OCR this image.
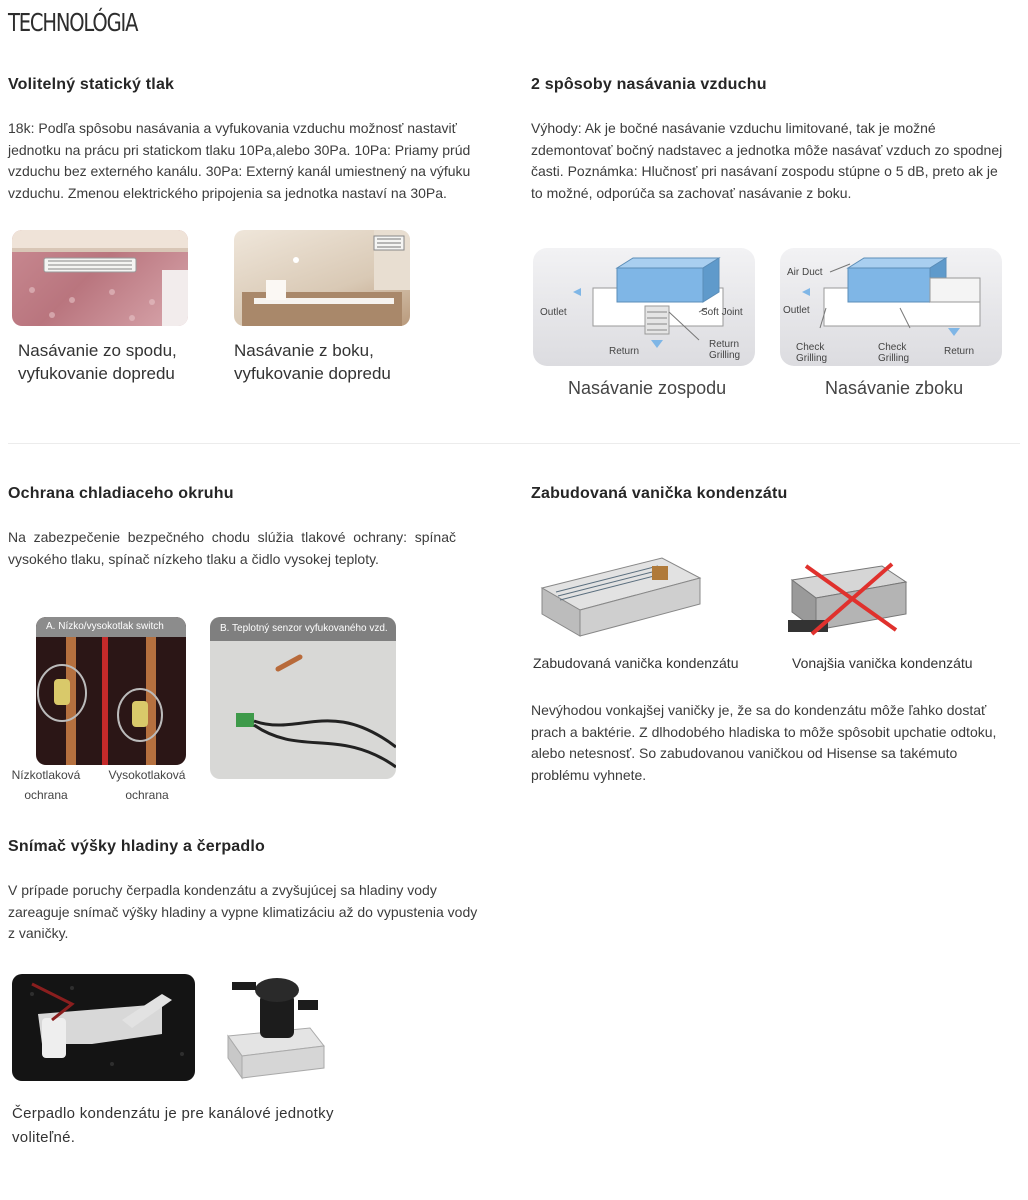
TECHNOLÓGIA
Volitelný statický tlak

18k: Podľa spôsobu nasávania a vyfukovania vzduchu možnosť nastaviť jednotku na prácu pri statickom tlaku 10Pa,alebo 30Pa. 10Pa: Priamy prúd vzduchu bez externého kanálu. 30Pa: Externý kanál umiestnený na výfuku vzduchu. Zmenou elektrického pripojenia sa jednotka nastaví na 30Pa.

Nasávanie zo spodu, vyfukovanie dopredu
Nasávanie z boku, vyfukovanie dopredu
2 spôsoby nasávania vzduchu

Výhody: Ak je bočné nasávanie vzduchu limitované, tak je možné zdemontovať bočný nadstavec a jednotka môže nasávať vzduch zo spodnej časti. Poznámka: Hlučnosť pri nasávaní zospodu stúpne o 5 dB, preto ak je to možné, odporúča sa zachovať nasávanie z boku.

Outlet	Soft Joint
Return
Return Grilling
Nasávanie zospodu
Air Duct
Outlet
Check Grilling
Check Grilling
Return
Nasávanie zboku
Ochrana chladiaceho okruhu

Na zabezpečenie bezpečného chodu slúžia tlakové ochrany: spínač vysokého tlaku, spínač nízkeho tlaku a čidlo vysokej teploty.

A. Nízko/vysokotlak switch	B. Teplotný senzor vyfukovaného vzd.
Nízkotlaková ochrana
Vysokotlaková ochrana
Zabudovaná vanička kondenzátu
Zabudovaná vanička kondenzátu	Vonajšia vanička kondenzátu

Nevýhodou vonkajšej vaničky je, že sa do kondenzátu môže ľahko dostať prach a baktérie. Z dlhodobého hladiska to môže spôsobit upchatie odtoku, alebo netesnosť. So zabudovanou vaničkou od Hisense sa takémuto problému vyhnete.

Snímač výšky hladiny a čerpadlo

V prípade poruchy čerpadla kondenzátu a zvyšujúcej sa hladiny vody zareaguje snímač výšky hladiny a vypne klimatizáciu až do vypustenia vody z vaničky.

Čerpadlo kondenzátu je pre kanálové jednotky voliteľné.
